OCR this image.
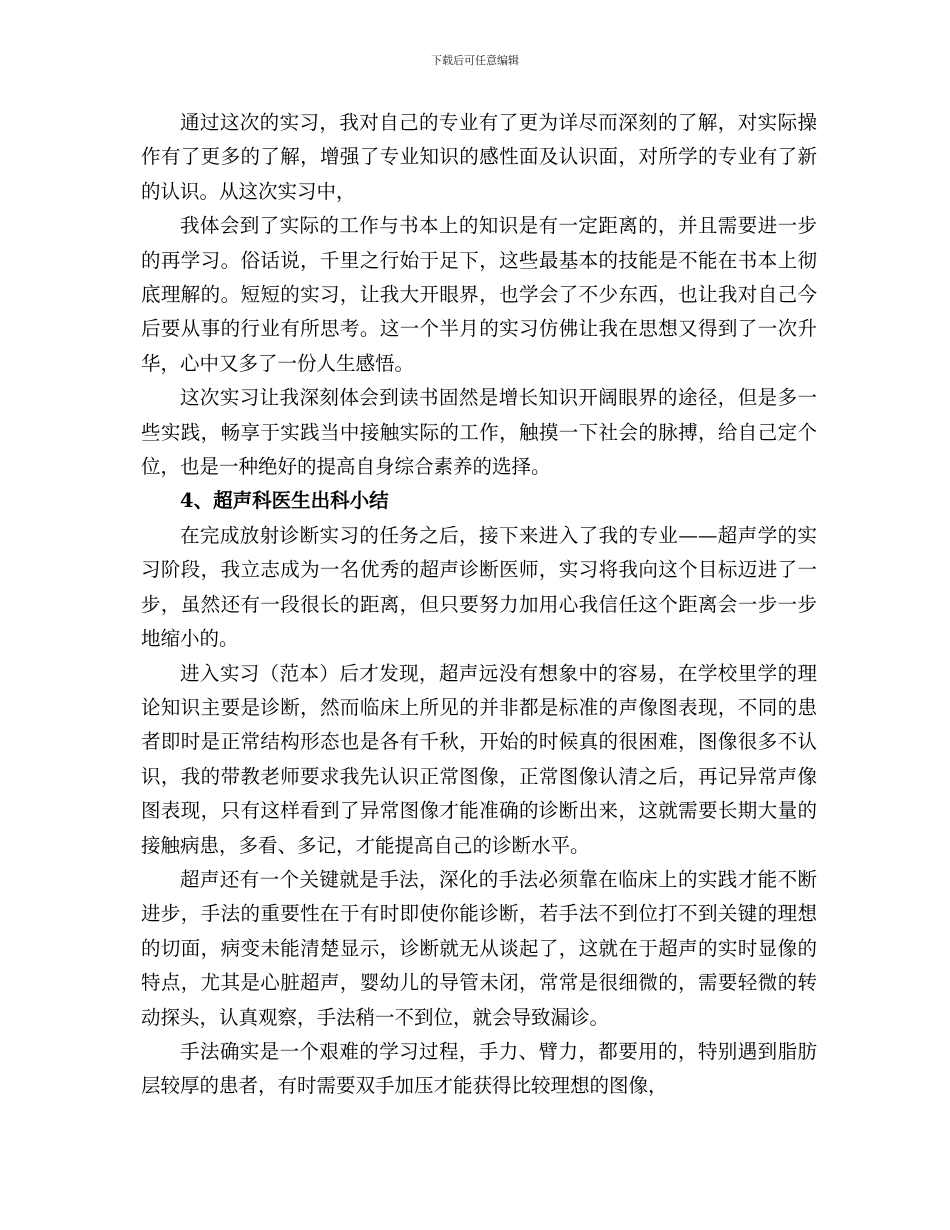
下载后可任意编辑

通过这次的实习，我对自己的专业有了更为详尽而深刻的了解，对实际操作有了更多的了解，增强了专业知识的感性面及认识面，对所学的专业有了新的认识。从这次实习中，

我体会到了实际的工作与书本上的知识是有一定距离的，并且需要进一步的再学习。俗话说，千里之行始于足下，这些最基本的技能是不能在书本上彻底理解的。短短的实习，让我大开眼界，也学会了不少东西，也让我对自己今后要从事的行业有所思考。这一个半月的实习仿佛让我在思想又得到了一次升华，心中又多了一份人生感悟。

这次实习让我深刻体会到读书固然是增长知识开阔眼界的途径，但是多一些实践，畅享于实践当中接触实际的工作，触摸一下社会的脉搏，给自己定个位，也是一种绝好的提高自身综合素养的选择。

4、超声科医生出科小结

在完成放射诊断实习的任务之后，接下来进入了我的专业——超声学的实习阶段，我立志成为一名优秀的超声诊断医师，实习将我向这个目标迈进了一步，虽然还有一段很长的距离，但只要努力加用心我信任这个距离会一步一步地缩小的。

进入实习（范本）后才发现，超声远没有想象中的容易，在学校里学的理论知识主要是诊断，然而临床上所见的并非都是标准的声像图表现，不同的患者即时是正常结构形态也是各有千秋，开始的时候真的很困难，图像很多不认识，我的带教老师要求我先认识正常图像，正常图像认清之后，再记异常声像图表现，只有这样看到了异常图像才能准确的诊断出来，这就需要长期大量的接触病患，多看、多记，才能提高自己的诊断水平。

超声还有一个关键就是手法，深化的手法必须靠在临床上的实践才能不断进步，手法的重要性在于有时即使你能诊断，若手法不到位打不到关键的理想的切面，病变未能清楚显示，诊断就无从谈起了，这就在于超声的实时显像的特点，尤其是心脏超声，婴幼儿的导管未闭，常常是很细微的，需要轻微的转动探头，认真观察，手法稍一不到位，就会导致漏诊。

手法确实是一个艰难的学习过程，手力、臂力，都要用的，特别遇到脂肪层较厚的患者，有时需要双手加压才能获得比较理想的图像，
